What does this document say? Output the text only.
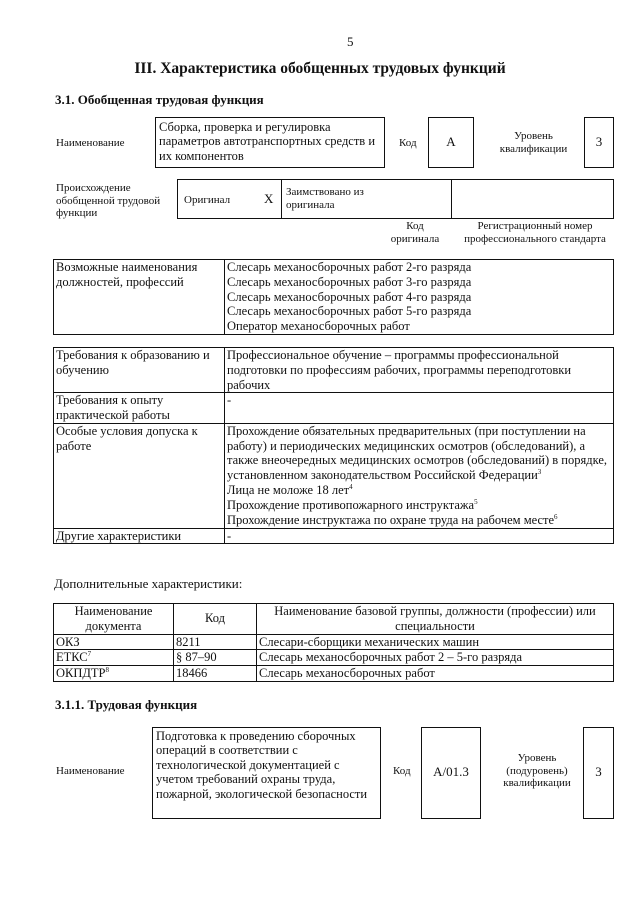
5
III. Характеристика обобщенных трудовых функций
3.1. Обобщенная трудовая функция
Наименование
Сборка, проверка и регулировка параметров автотранспортных средств и их компонентов
Код	A	Уровень квалификации	3
Происхождение обобщенной трудовой функции
Оригинал	X Заимствовано из оригинала
Код оригинала
Регистрационный номер профессионального стандарта
Возможные наименования должностей, профессий	
Слесарь механосборочных работ 2-го разряда
Слесарь механосборочных работ 3-го разряда
Слесарь механосборочных работ 4-го разряда
Слесарь механосборочных работ 5-го разряда
Оператор механосборочных работ
Требования к образованию и обучению	Профессиональное обучение – программы профессиональной подготовки по профессиям рабочих, программы переподготовки рабочих
Требования к опыту практической работы	-
Особые условия допуска к работе	Прохождение обязательных предварительных (при поступлении на работу) и периодических медицинских осмотров (обследований), а также внеочередных медицинских осмотров (обследований) в порядке, установленном законодательством Российской Федерации$^3$
Лица не моложе 18 лет$^4$
Прохождение противопожарного инструктажа$^5$
Прохождение инструктажа по охране труда на рабочем месте$^6$

Другие характеристики	-
Дополнительные характеристики:
Наименование документа	Код	Наименование базовой группы, должности (профессии) или специальности
ОКЗ	8211	Слесари-сборщики механических машин
ЕТКС$^7$	§ 87–90	Слесарь механосборочных работ 2 – 5-го разряда
ОКПДТР$^8$	18466	Слесарь механосборочных работ
3.1.1. Трудовая функция
Наименование
Подготовка к проведению сборочных операций в соответствии с технологической документацией с учетом требований охраны труда, пожарной, экологической безопасности
Код	A/01.3
Уровень (подуровень) квалификации
3
